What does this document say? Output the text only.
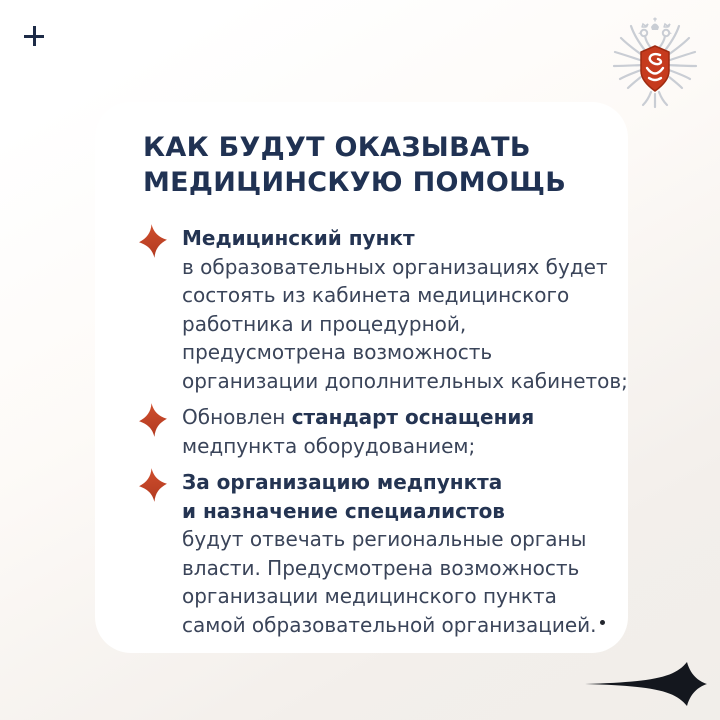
КАК БУДУТ ОКАЗЫВАТЬ
МЕДИЦИНСКУЮ ПОМОЩЬ
Медицинский пункт
в образовательных организациях будет
состоять из кабинета медицинского
работника и процедурной,
предусмотрена возможность
организации дополнительных кабинетов;
Обновлен стандарт оснащения
медпункта оборудованием;
За организацию медпункта
и назначение специалистов
будут отвечать региональные органы
власти. Предусмотрена возможность
организации медицинского пункта
самой образовательной организацией.
